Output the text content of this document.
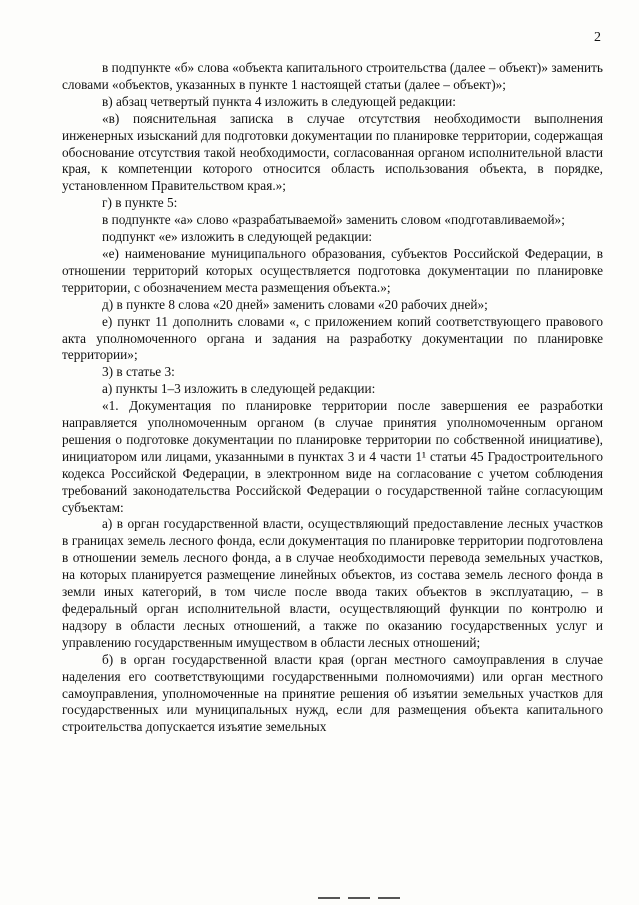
2

в подпункте «б» слова «объекта капитального строительства (далее – объект)» заменить словами «объектов, указанных в пункте 1 настоящей статьи (далее – объект)»;

в) абзац четвертый пункта 4 изложить в следующей редакции:

«в) пояснительная записка в случае отсутствия необходимости выполнения инженерных изысканий для подготовки документации по планировке территории, содержащая обоснование отсутствия такой необходимости, согласованная органом исполнительной власти края, к компетенции которого относится область использования объекта, в порядке, установленном Правительством края.»;

г) в пункте 5:

в подпункте «а» слово «разрабатываемой» заменить словом «подготавливаемой»;

подпункт «е» изложить в следующей редакции:

«е) наименование муниципального образования, субъектов Российской Федерации, в отношении территорий которых осуществляется подготовка документации по планировке территории, с обозначением места размещения объекта.»;

д) в пункте 8 слова «20 дней» заменить словами «20 рабочих дней»;

е) пункт 11 дополнить словами «, с приложением копий соответствующего правового акта уполномоченного органа и задания на разработку документации по планировке территории»;

3) в статье 3:

а) пункты 1–3 изложить в следующей редакции:

«1. Документация по планировке территории после завершения ее разработки направляется уполномоченным органом (в случае принятия уполномоченным органом решения о подготовке документации по планировке территории по собственной инициативе), инициатором или лицами, указанными в пунктах 3 и 4 части 1¹ статьи 45 Градостроительного кодекса Российской Федерации, в электронном виде на согласование с учетом соблюдения требований законодательства Российской Федерации о государственной тайне согласующим субъектам:

а) в орган государственной власти, осуществляющий предоставление лесных участков в границах земель лесного фонда, если документация по планировке территории подготовлена в отношении земель лесного фонда, а в случае необходимости перевода земельных участков, на которых планируется размещение линейных объектов, из состава земель лесного фонда в земли иных категорий, в том числе после ввода таких объектов в эксплуатацию, – в федеральный орган исполнительной власти, осуществляющий функции по контролю и надзору в области лесных отношений, а также по оказанию государственных услуг и управлению государственным имуществом в области лесных отношений;

б) в орган государственной власти края (орган местного самоуправления в случае наделения его соответствующими государственными полномочиями) или орган местного самоуправления, уполномоченные на принятие решения об изъятии земельных участков для государственных или муниципальных нужд, если для размещения объекта капитального строительства допускается изъятие земельных
